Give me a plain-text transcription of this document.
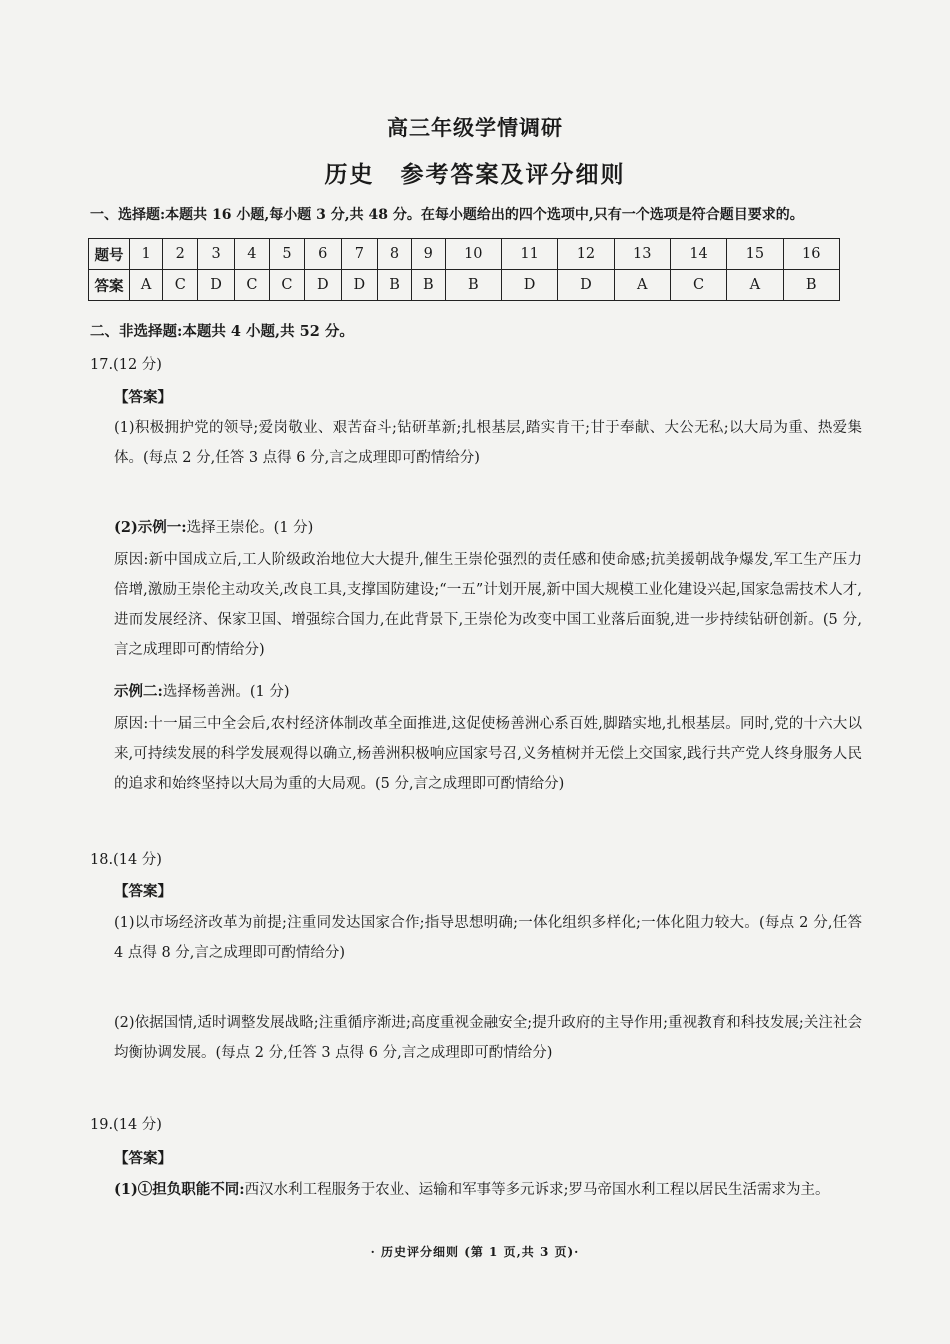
高三年级学情调研
历史 参考答案及评分细则
一、选择题:本题共 16 小题,每小题 3 分,共 48 分。在每小题给出的四个选项中,只有一个选项是符合题目要求的。
题号	1	2	3	4	5	6	7	8	9	10	11	12	13	14	15	16
答案	A	C	D	C	C	D	D	B	B	B	D	D	A	C	A	B
二、非选择题:本题共 4 小题,共 52 分。
17.(12 分)
【答案】
(1)积极拥护党的领导;爱岗敬业、艰苦奋斗;钻研革新;扎根基层,踏实肯干;甘于奉献、大公无私;以大局为重、热爱集体。(每点 2 分,任答 3 点得 6 分,言之成理即可酌情给分)
(2)示例一:选择王崇伦。(1 分)
原因:新中国成立后,工人阶级政治地位大大提升,催生王崇伦强烈的责任感和使命感;抗美援朝战争爆发,军工生产压力倍增,激励王崇伦主动攻关,改良工具,支撑国防建设;“一五”计划开展,新中国大规模工业化建设兴起,国家急需技术人才,进而发展经济、保家卫国、增强综合国力,在此背景下,王崇伦为改变中国工业落后面貌,进一步持续钻研创新。(5 分,言之成理即可酌情给分)
示例二:选择杨善洲。(1 分)
原因:十一届三中全会后,农村经济体制改革全面推进,这促使杨善洲心系百姓,脚踏实地,扎根基层。同时,党的十六大以来,可持续发展的科学发展观得以确立,杨善洲积极响应国家号召,义务植树并无偿上交国家,践行共产党人终身服务人民的追求和始终坚持以大局为重的大局观。(5 分,言之成理即可酌情给分)
18.(14 分)
【答案】
(1)以市场经济改革为前提;注重同发达国家合作;指导思想明确;一体化组织多样化;一体化阻力较大。(每点 2 分,任答 4 点得 8 分,言之成理即可酌情给分)
(2)依据国情,适时调整发展战略;注重循序渐进;高度重视金融安全;提升政府的主导作用;重视教育和科技发展;关注社会均衡协调发展。(每点 2 分,任答 3 点得 6 分,言之成理即可酌情给分)
19.(14 分)
【答案】
(1)①担负职能不同:西汉水利工程服务于农业、运输和军事等多元诉求;罗马帝国水利工程以居民生活需求为主。
· 历史评分细则 (第 1 页,共 3 页)·
